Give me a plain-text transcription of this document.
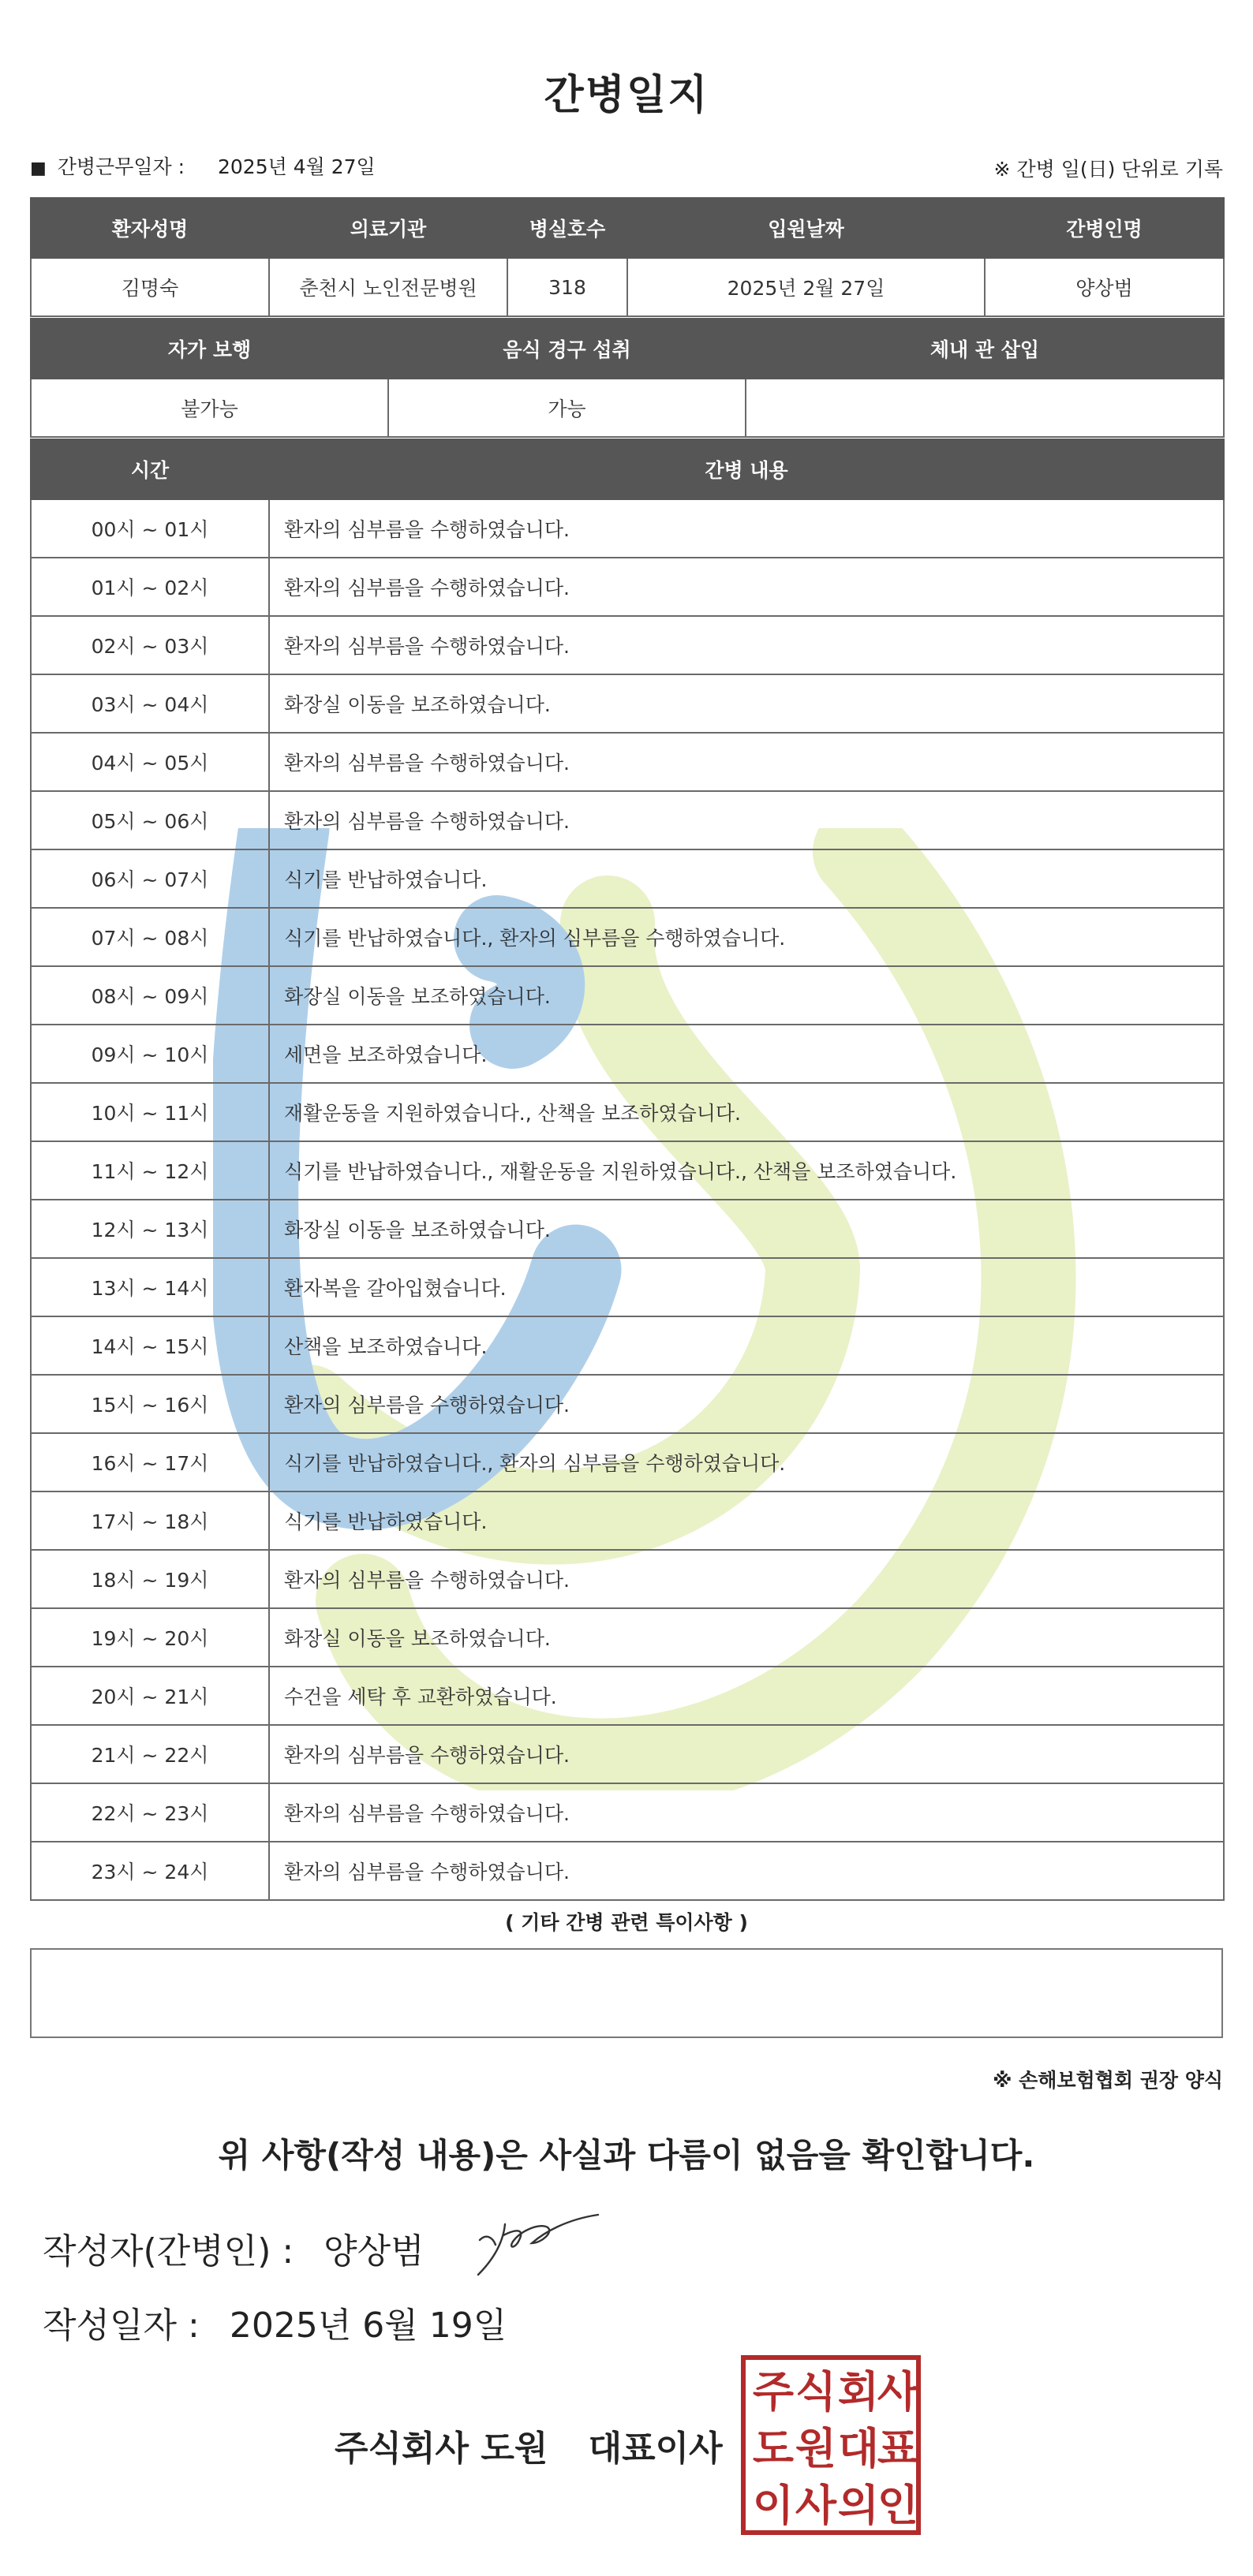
간병일지
■ 간병근무일자 : 2025년 4월 27일	※ 간병 일(日) 단위로 기록
환자성명	의료기관	병실호수	입원날짜	간병인명
김명숙	춘천시 노인전문병원	318	2025년 2월 27일	양상범
자가 보행	음식 경구 섭취	체내 관 삽입
불가능	가능	
시간	간병 내용
00시 ~ 01시	환자의 심부름을 수행하였습니다.
01시 ~ 02시	환자의 심부름을 수행하였습니다.
02시 ~ 03시	환자의 심부름을 수행하였습니다.
03시 ~ 04시	화장실 이동을 보조하였습니다.
04시 ~ 05시	환자의 심부름을 수행하였습니다.
05시 ~ 06시	환자의 심부름을 수행하였습니다.
06시 ~ 07시	식기를 반납하였습니다.
07시 ~ 08시	식기를 반납하였습니다., 환자의 심부름을 수행하였습니다.
08시 ~ 09시	화장실 이동을 보조하였습니다.
09시 ~ 10시	세면을 보조하였습니다.
10시 ~ 11시	재활운동을 지원하였습니다., 산책을 보조하였습니다.
11시 ~ 12시	식기를 반납하였습니다., 재활운동을 지원하였습니다., 산책을 보조하였습니다.
12시 ~ 13시	화장실 이동을 보조하였습니다.
13시 ~ 14시	환자복을 갈아입혔습니다.
14시 ~ 15시	산책을 보조하였습니다.
15시 ~ 16시	환자의 심부름을 수행하였습니다.
16시 ~ 17시	식기를 반납하였습니다., 환자의 심부름을 수행하였습니다.
17시 ~ 18시	식기를 반납하였습니다.
18시 ~ 19시	환자의 심부름을 수행하였습니다.
19시 ~ 20시	화장실 이동을 보조하였습니다.
20시 ~ 21시	수건을 세탁 후 교환하였습니다.
21시 ~ 22시	환자의 심부름을 수행하였습니다.
22시 ~ 23시	환자의 심부름을 수행하였습니다.
23시 ~ 24시	환자의 심부름을 수행하였습니다.
( 기타 간병 관련 특이사항 )
※ 손해보험협회 권장 양식
위 사항(작성 내용)은 사실과 다름이 없음을 확인합니다.
작성자(간병인) : 양상범
작성일자 : 2025년 6월 19일
주식회사 도원 대표이사
주 식 회
사
도 원 대
표
이 사 의
인
